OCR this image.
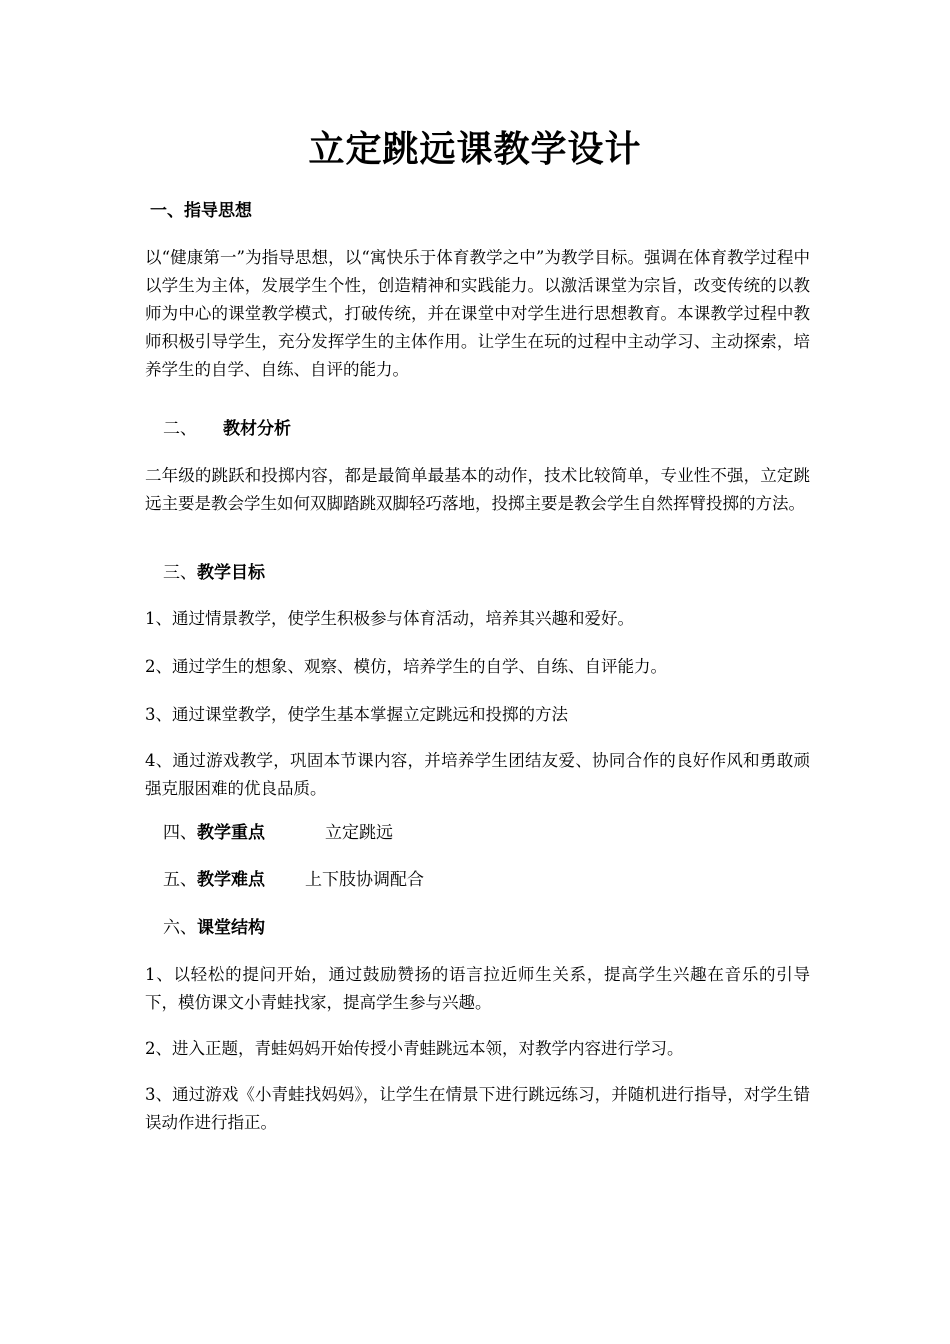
立定跳远课教学设计
一、指导思想
以“健康第一”为指导思想，以“寓快乐于体育教学之中”为教学目标。强调在体育教学过程中以学生为主体，发展学生个性，创造精神和实践能力。以激活课堂为宗旨，改变传统的以教师为中心的课堂教学模式，打破传统，并在课堂中对学生进行思想教育。本课教学过程中教师积极引导学生，充分发挥学生的主体作用。让学生在玩的过程中主动学习、主动探索，培养学生的自学、自练、自评的能力。
二、 教材分析
二年级的跳跃和投掷内容，都是最简单最基本的动作，技术比较简单，专业性不强，立定跳远主要是教会学生如何双脚踏跳双脚轻巧落地，投掷主要是教会学生自然挥臂投掷的方法。
三、教学目标
1、通过情景教学，使学生积极参与体育活动，培养其兴趣和爱好。
2、通过学生的想象、观察、模仿，培养学生的自学、自练、自评能力。
3、通过课堂教学，使学生基本掌握立定跳远和投掷的方法
4、通过游戏教学，巩固本节课内容，并培养学生团结友爱、协同合作的良好作风和勇敢顽强克服困难的优良品质。
四、教学重点	立定跳远
五、教学难点 上下肢协调配合
六、课堂结构
1、以轻松的提问开始，通过鼓励赞扬的语言拉近师生关系，提高学生兴趣在音乐的引导下，模仿课文小青蛙找家，提高学生参与兴趣。
2、进入正题，青蛙妈妈开始传授小青蛙跳远本领，对教学内容进行学习。
3、通过游戏《小青蛙找妈妈》，让学生在情景下进行跳远练习，并随机进行指导，对学生错误动作进行指正。
